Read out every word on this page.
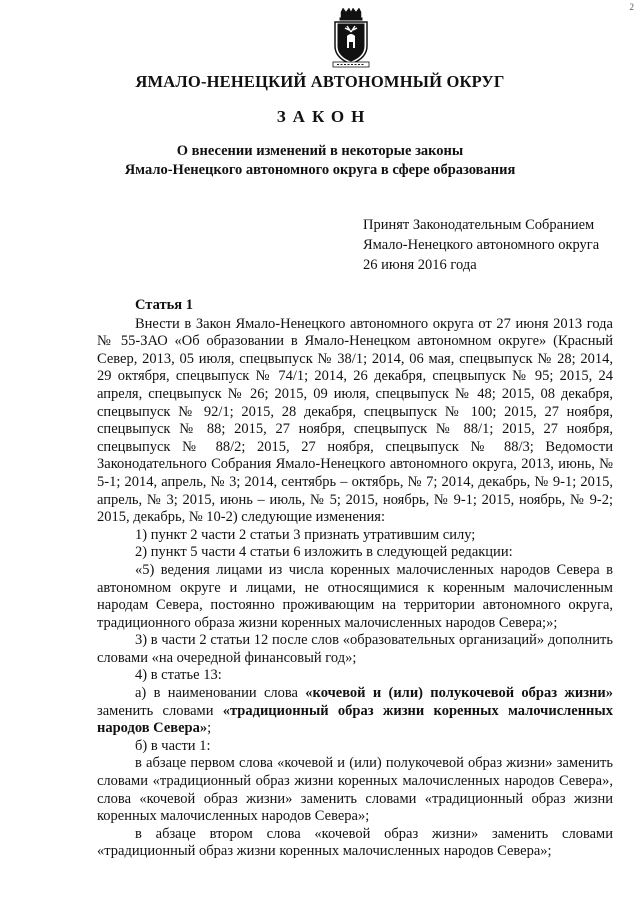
2
ЯМАЛО-НЕНЕЦКИЙ АВТОНОМНЫЙ ОКРУГ
ЗАКОН
О внесении изменений в некоторые законы
Ямало-Ненецкого автономного округа в сфере образования
Принят Законодательным Собранием
Ямало-Ненецкого автономного округа
26 июня 2016 года
Статья 1

Внести в Закон Ямало-Ненецкого автономного округа от 27 июня 2013 года № 55-ЗАО «Об образовании в Ямало-Ненецком автономном округе» (Красный Север, 2013, 05 июля, спецвыпуск № 38/1; 2014, 06 мая, спецвыпуск № 28; 2014, 29 октября, спецвыпуск № 74/1; 2014, 26 декабря, спецвыпуск № 95; 2015, 24 апреля, спецвыпуск № 26; 2015, 09 июля, спецвыпуск № 48; 2015, 08 декабря, спецвыпуск № 92/1; 2015, 28 декабря, спецвыпуск № 100; 2015, 27 ноября, спецвыпуск № 88; 2015, 27 ноября, спецвыпуск № 88/1; 2015, 27 ноября, спецвыпуск № 88/2; 2015, 27 ноября, спецвыпуск № 88/3; Ведомости Законодательного Собрания Ямало-Ненецкого автономного округа, 2013, июнь, № 5-1; 2014, апрель, № 3; 2014, сентябрь – октябрь, № 7; 2014, декабрь, № 9-1; 2015, апрель, № 3; 2015, июнь – июль, № 5; 2015, ноябрь, № 9-1; 2015, ноябрь, № 9-2; 2015, декабрь, № 10-2) следующие изменения:

1) пункт 2 части 2 статьи 3 признать утратившим силу;

2) пункт 5 части 4 статьи 6 изложить в следующей редакции:

«5) ведения лицами из числа коренных малочисленных народов Севера в автономном округе и лицами, не относящимися к коренным малочисленным народам Севера, постоянно проживающим на территории автономного округа, традиционного образа жизни коренных малочисленных народов Севера;»;

3) в части 2 статьи 12 после слов «образовательных организаций» дополнить словами «на очередной финансовый год»;

4) в статье 13:

а) в наименовании слова «кочевой и (или) полукочевой образ жизни» заменить словами «традиционный образ жизни коренных малочисленных народов Севера»;

б) в части 1:

в абзаце первом слова «кочевой и (или) полукочевой образ жизни» заменить словами «традиционный образ жизни коренных малочисленных народов Севера», слова «кочевой образ жизни» заменить словами «традиционный образ жизни коренных малочисленных народов Севера»;

в абзаце втором слова «кочевой образ жизни» заменить словами «традиционный образ жизни коренных малочисленных народов Севера»;
